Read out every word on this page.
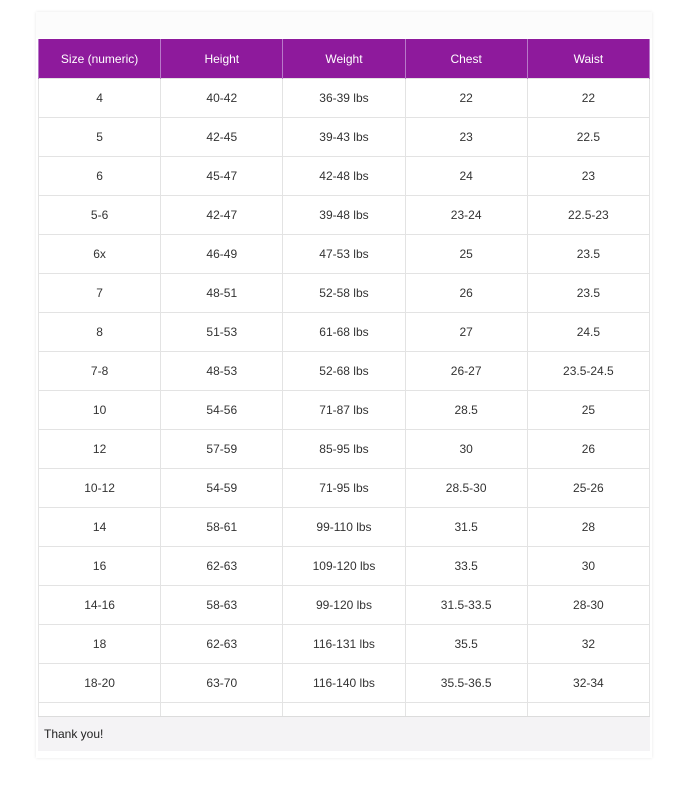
Size (numeric)	Height	Weight	Chest	Waist
4	40-42	36-39 lbs	22	22
5	42-45	39-43 lbs	23	22.5
6	45-47	42-48 lbs	24	23
5-6	42-47	39-48 lbs	23-24	22.5-23
6x	46-49	47-53 lbs	25	23.5
7	48-51	52-58 lbs	26	23.5
8	51-53	61-68 lbs	27	24.5
7-8	48-53	52-68 lbs	26-27	23.5-24.5
10	54-56	71-87 lbs	28.5	25
12	57-59	85-95 lbs	30	26
10-12	54-59	71-95 lbs	28.5-30	25-26
14	58-61	99-110 lbs	31.5	28
16	62-63	109-120 lbs	33.5	30
14-16	58-63	99-120 lbs	31.5-33.5	28-30
18	62-63	116-131 lbs	35.5	32
18-20	63-70	116-140 lbs	35.5-36.5	32-34

Thank you!
